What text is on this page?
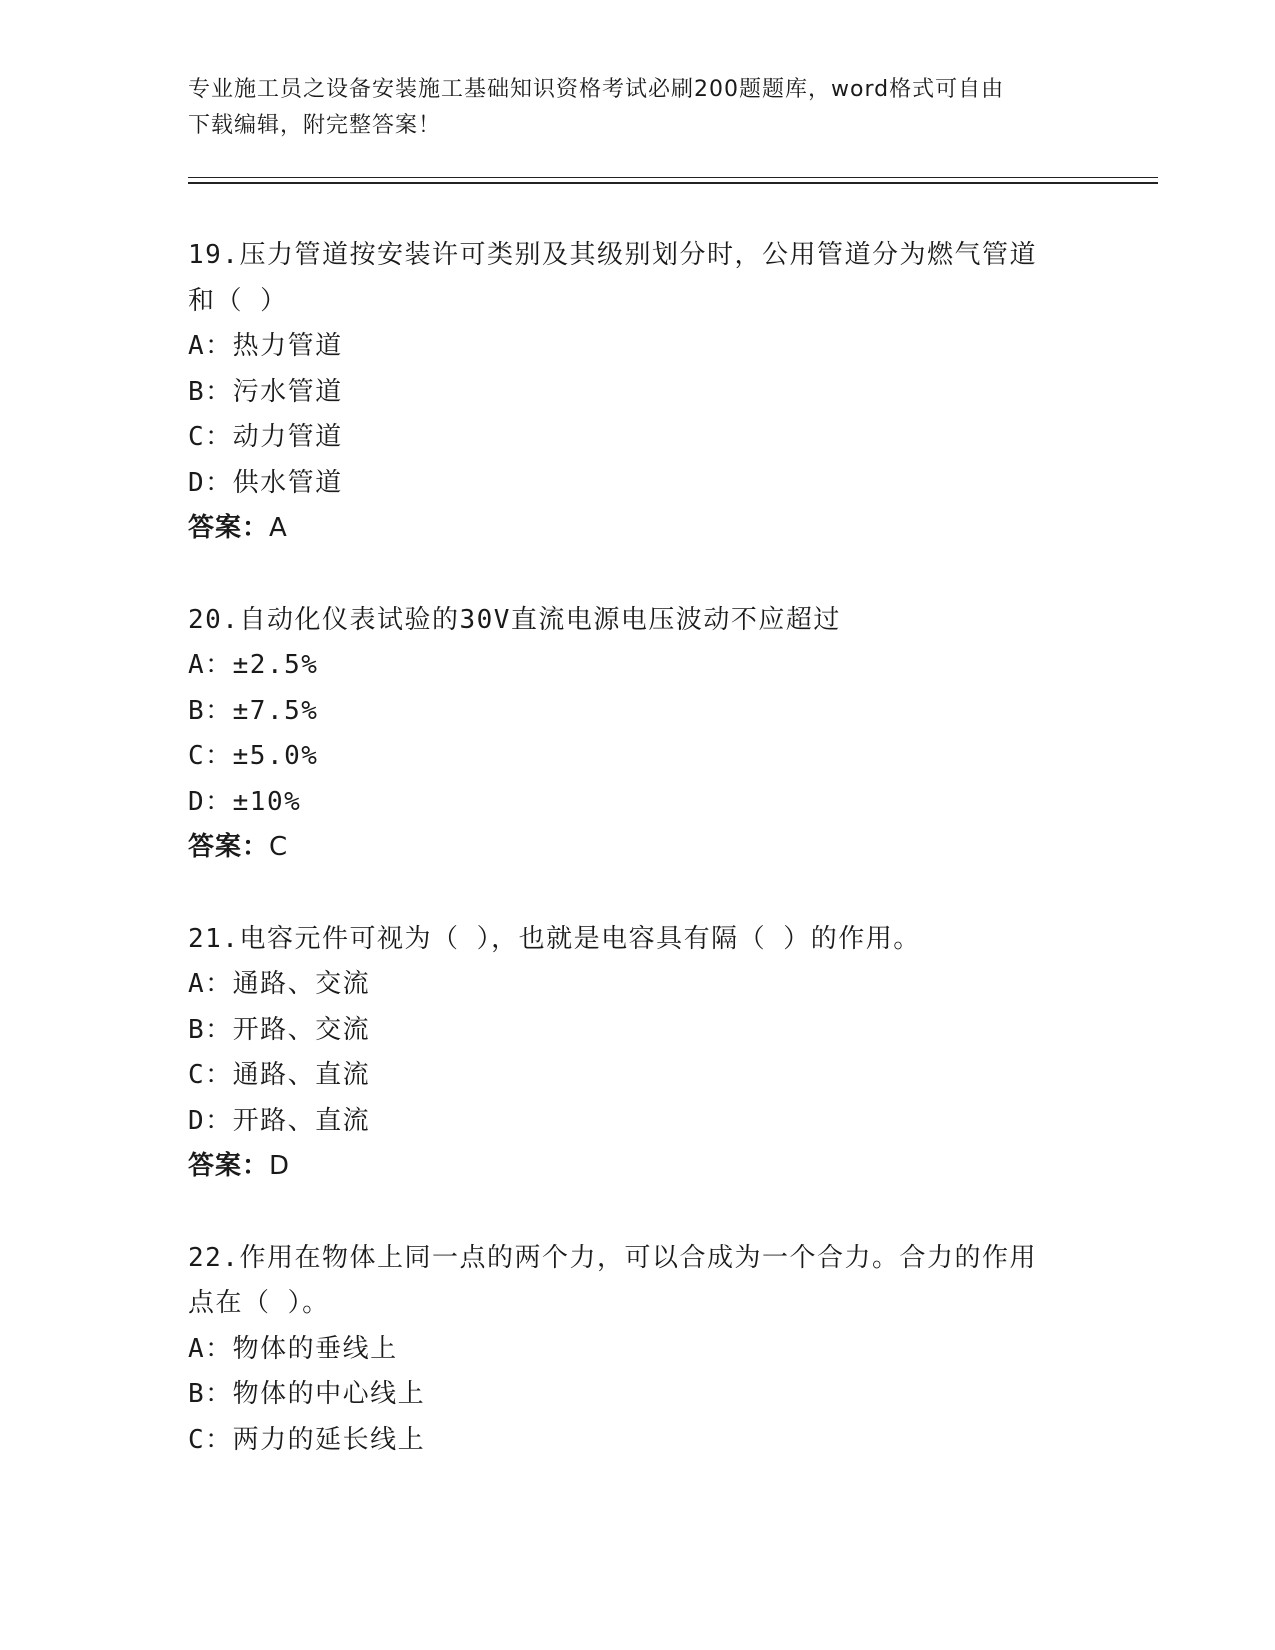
专业施工员之设备安装施工基础知识资格考试必刷200题题库，word格式可自由
下载编辑，附完整答案！

19.压力管道按安装许可类别及其级别划分时，公用管道分为燃气管道

和（ ）

A：热力管道

B：污水管道

C：动力管道

D：供水管道

答案：A

20.自动化仪表试验的30V直流电源电压波动不应超过

A：±2.5%

B：±7.5%

C：±5.0%

D：±10%

答案：C

21.电容元件可视为（ ），也就是电容具有隔（ ）的作用。

A：通路、交流

B：开路、交流

C：通路、直流

D：开路、直流

答案：D

22.作用在物体上同一点的两个力，可以合成为一个合力。合力的作用

点在（ ）。

A：物体的垂线上

B：物体的中心线上

C：两力的延长线上
